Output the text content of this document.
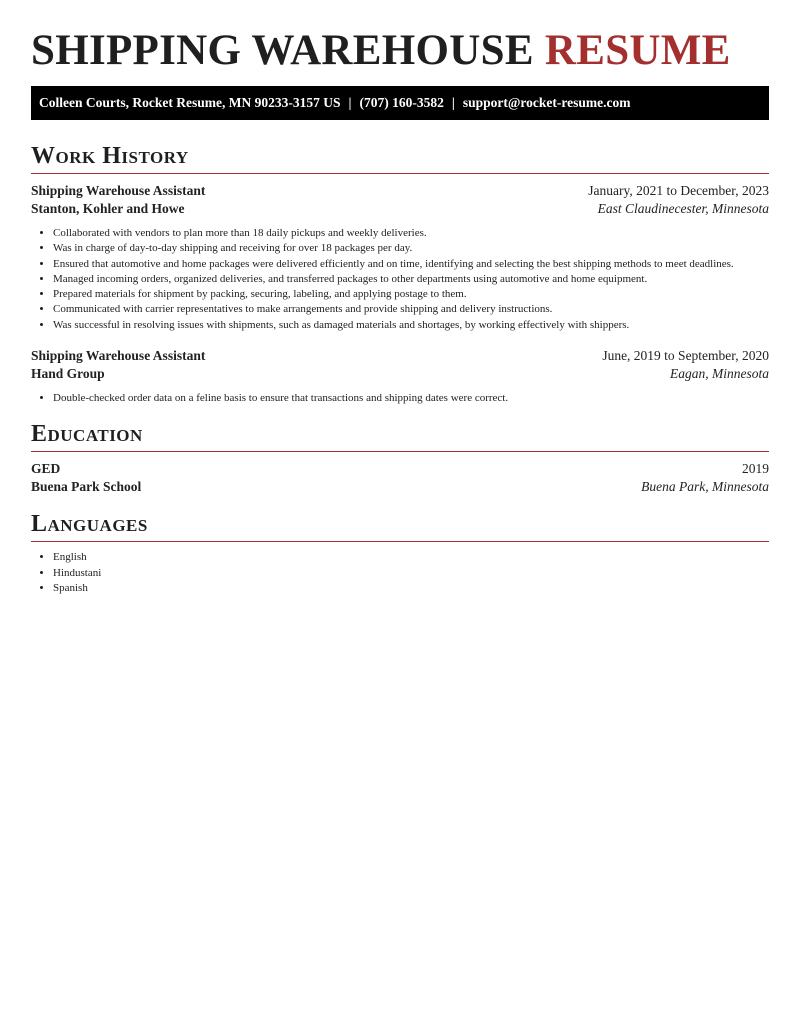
SHIPPING WAREHOUSE RESUME
Colleen Courts, Rocket Resume, MN 90233-3157 US | (707) 160-3582 | support@rocket-resume.com
Work History
Shipping Warehouse Assistant	January, 2021 to December, 2023
Stanton, Kohler and Howe	East Claudinecester, Minnesota
• Collaborated with vendors to plan more than 18 daily pickups and weekly deliveries.
• Was in charge of day-to-day shipping and receiving for over 18 packages per day.
• Ensured that automotive and home packages were delivered efficiently and on time, identifying and selecting the best shipping methods to meet deadlines.
• Managed incoming orders, organized deliveries, and transferred packages to other departments using automotive and home equipment.
• Prepared materials for shipment by packing, securing, labeling, and applying postage to them.
• Communicated with carrier representatives to make arrangements and provide shipping and delivery instructions.
• Was successful in resolving issues with shipments, such as damaged materials and shortages, by working effectively with shippers.
Shipping Warehouse Assistant	June, 2019 to September, 2020
Hand Group	Eagan, Minnesota
• Double-checked order data on a feline basis to ensure that transactions and shipping dates were correct.
Education
GED	2019
Buena Park School	Buena Park, Minnesota
Languages
• English
• Hindustani
• Spanish
